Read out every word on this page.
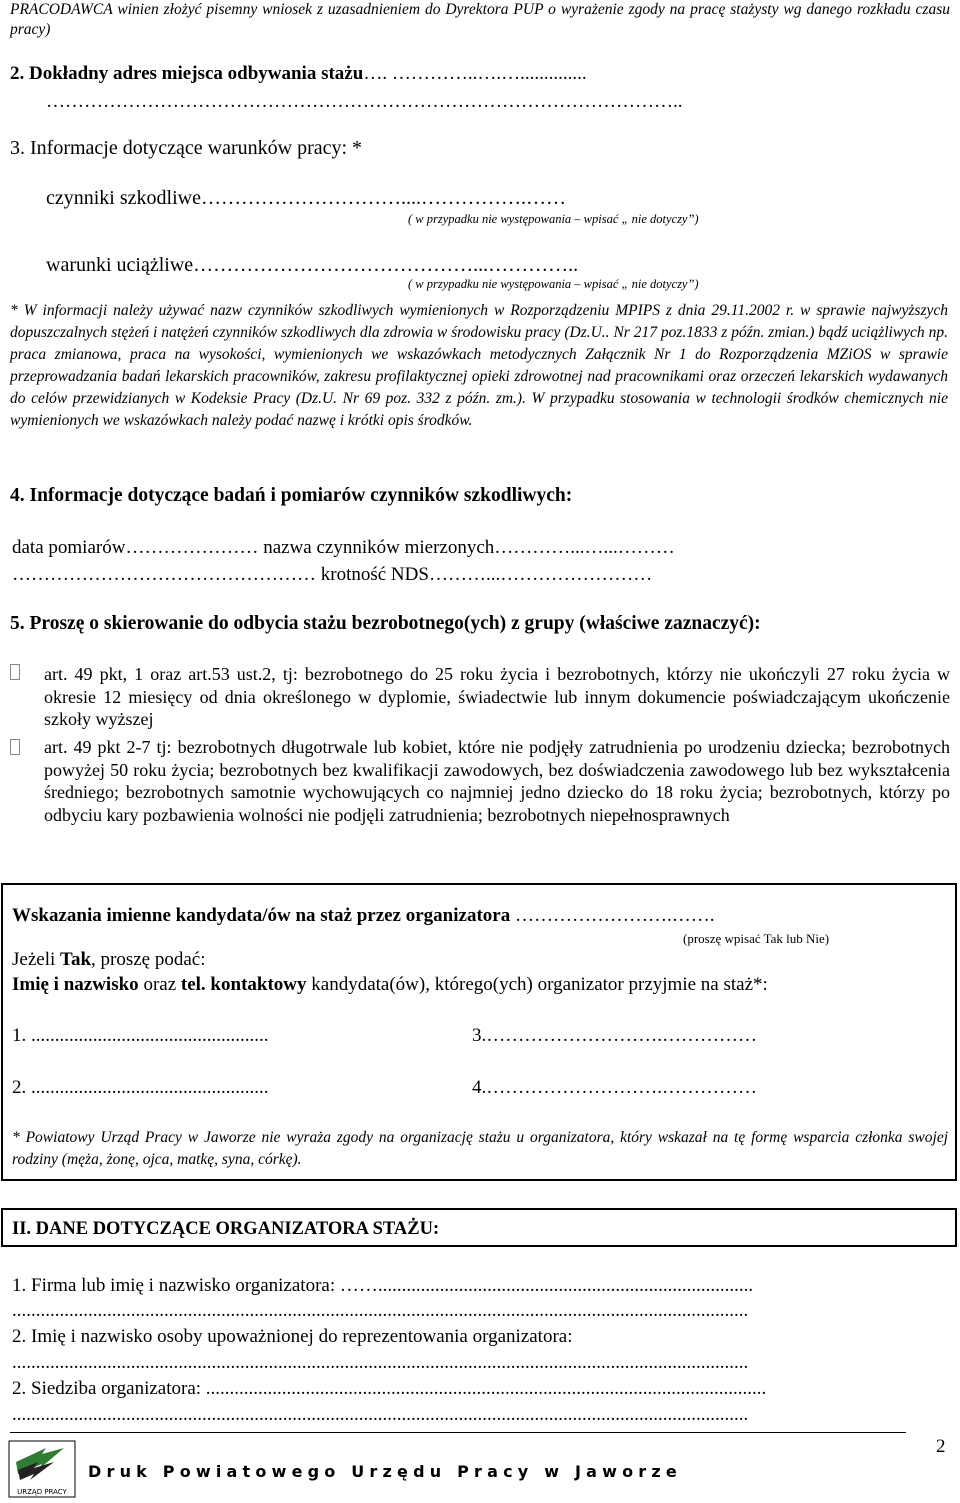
PRACODAWCA winien złożyć pisemny wniosek z uzasadnieniem do Dyrektora PUP o wyrażenie zgody na pracę stażysty wg danego rozkładu czasu pracy)
2. Dokładny adres miejsca odbywania stażu…. …………..….…..............
………………………………………………………………………………………..
3. Informacje dotyczące warunków pracy: *
czynniki szkodliwe…………………………....…………….……
( w przypadku nie występowania – wpisać „ nie dotyczy”)
warunki uciążliwe……………………………………...…………..
( w przypadku nie występowania – wpisać „ nie dotyczy”)
* W informacji należy używać nazw czynników szkodliwych wymienionych w Rozporządzeniu MPIPS z dnia 29.11.2002 r. w sprawie najwyższych dopuszczalnych stężeń i natężeń czynników szkodliwych dla zdrowia w środowisku pracy (Dz.U.. Nr 217 poz.1833 z późn. zmian.) bądź uciążliwych np. praca zmianowa, praca na wysokości, wymienionych we wskazówkach metodycznych Załącznik Nr 1 do Rozporządzenia MZiOS w sprawie przeprowadzania badań lekarskich pracowników, zakresu profilaktycznej opieki zdrowotnej nad pracownikami oraz orzeczeń lekarskich wydawanych do celów przewidzianych w Kodeksie Pracy (Dz.U. Nr 69 poz. 332 z późn. zm.). W przypadku stosowania w technologii środków chemicznych nie wymienionych we wskazówkach należy podać nazwę i krótki opis środków.
4. Informacje dotyczące badań i pomiarów czynników szkodliwych:
data pomiarów………………… nazwa czynników mierzonych…………...…...………
………………………………………… krotność NDS………...……………………
5. Proszę o skierowanie do odbycia stażu bezrobotnego(ych) z grupy (właściwe zaznaczyć):
art. 49 pkt, 1 oraz art.53 ust.2, tj: bezrobotnego do 25 roku życia i bezrobotnych, którzy nie ukończyli 27 roku życia w okresie 12 miesięcy od dnia określonego w dyplomie, świadectwie lub innym dokumencie poświadczającym ukończenie szkoły wyższej
art. 49 pkt 2-7 tj: bezrobotnych długotrwale lub kobiet, które nie podjęły zatrudnienia po urodzeniu dziecka; bezrobotnych powyżej 50 roku życia; bezrobotnych bez kwalifikacji zawodowych, bez doświadczenia zawodowego lub bez wykształcenia średniego; bezrobotnych samotnie wychowujących co najmniej jedno dziecko do 18 roku życia; bezrobotnych, którzy po odbyciu kary pozbawienia wolności nie podjęli zatrudnienia; bezrobotnych niepełnosprawnych
Wskazania imienne kandydata/ów na staż przez organizatora …………………….…….
(proszę wpisać Tak lub Nie)
Jeżeli Tak, proszę podać:
Imię i nazwisko oraz tel. kontaktowy kandydata(ów), którego(ych) organizator przyjmie na staż*:
1. ..................................................	3.……………………….……………
2. ..................................................	4.……………………….……………
* Powiatowy Urząd Pracy w Jaworze nie wyraża zgody na organizację stażu u organizatora, który wskazał na tę formę wsparcia członka swojej rodziny (męża, żonę, ojca, matkę, syna, córkę).
II. DANE DOTYCZĄCE ORGANIZATORA STAŻU:
1. Firma lub imię i nazwisko organizatora: ……...............................................................................
...........................................................................................................................................................
2. Imię i nazwisko osoby upoważnionej do reprezentowania organizatora:
...........................................................................................................................................................
2. Siedziba organizatora: ......................................................................................................................
...........................................................................................................................................................
2
URZĄD PRACY
Druk Powiatowego Urzędu Pracy w Jaworze
